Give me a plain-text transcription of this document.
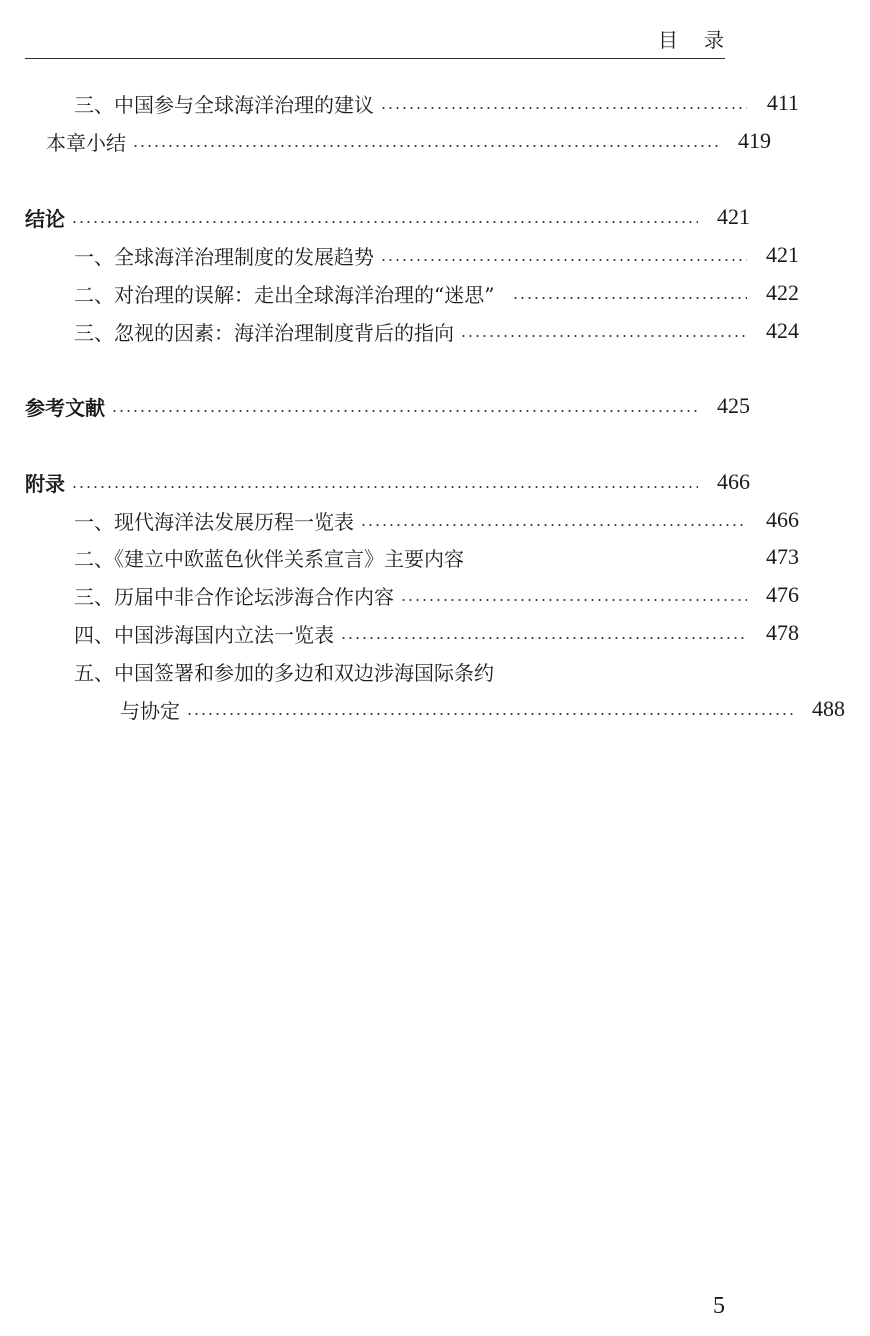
目录
三、中国参与全球海洋治理的建议	411
本章小结	419
结论	421
一、全球海洋治理制度的发展趋势	421
二、对治理的误解：走出全球海洋治理的“迷思”	422
三、忽视的因素：海洋治理制度背后的指向	424
参考文献	425
附录	466
一、现代海洋法发展历程一览表	466
二、《建立中欧蓝色伙伴关系宣言》主要内容	473
三、历届中非合作论坛涉海合作内容	476
四、中国涉海国内立法一览表	478
五、中国签署和参加的多边和双边涉海国际条约
与协定	488
5
